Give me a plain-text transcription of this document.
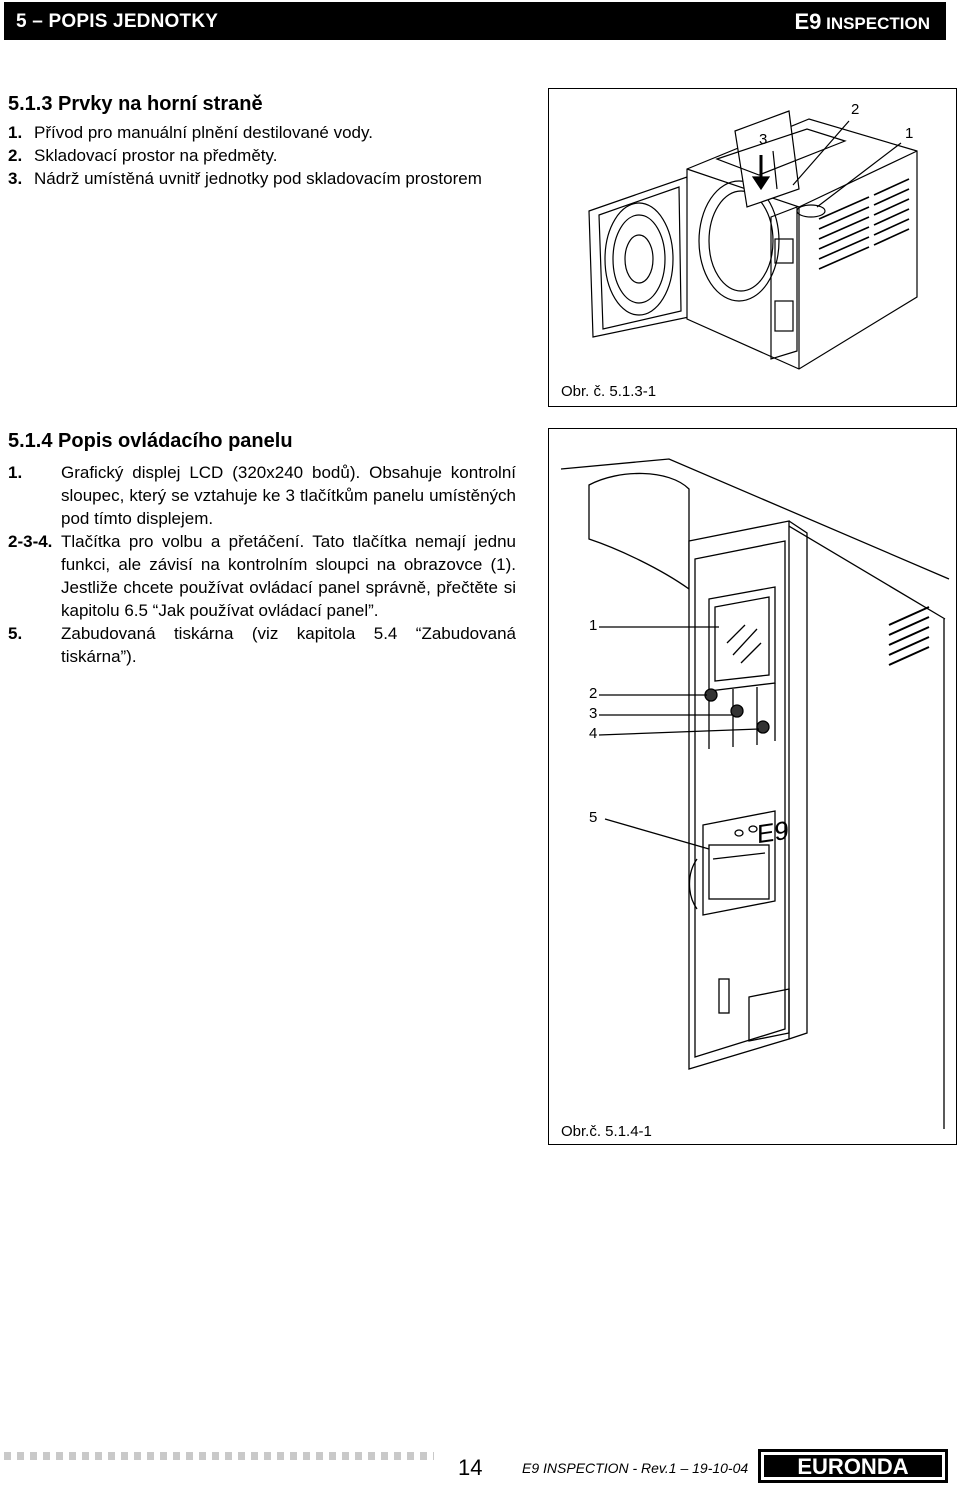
5 – POPIS JEDNOTKY	E9 INSPECTION
5.1.3 Prvky na horní straně
1. Přívod pro manuální plnění destilované vody.
2. Skladovací prostor na předměty.
3. Nádrž umístěná uvnitř jednotky pod skladovacím prostorem
3
2
1
Obr. č. 5.1.3-1
5.1.4 Popis ovládacího panelu
1.	Grafický displej LCD (320x240 bodů). Obsahuje kontrolní sloupec, který se vztahuje ke 3 tlačítkům panelu umístěných pod tímto displejem.
2-3-4. Tlačítka pro volbu a přetáčení. Tato tlačítka nemají jednu funkci, ale závisí na kontrolním sloupci na obrazovce (1). Jestliže chcete používat ovládací panel správně, přečtěte si kapitolu 6.5 “Jak používat ovládací panel”.
5.	Zabudovaná tiskárna (viz kapitola 5.4 “Zabudovaná tiskárna”).
1
2
3
4
5	E9
Obr.č. 5.1.4-1
14	E9 INSPECTION - Rev.1 – 19-10-04 EURONDA
